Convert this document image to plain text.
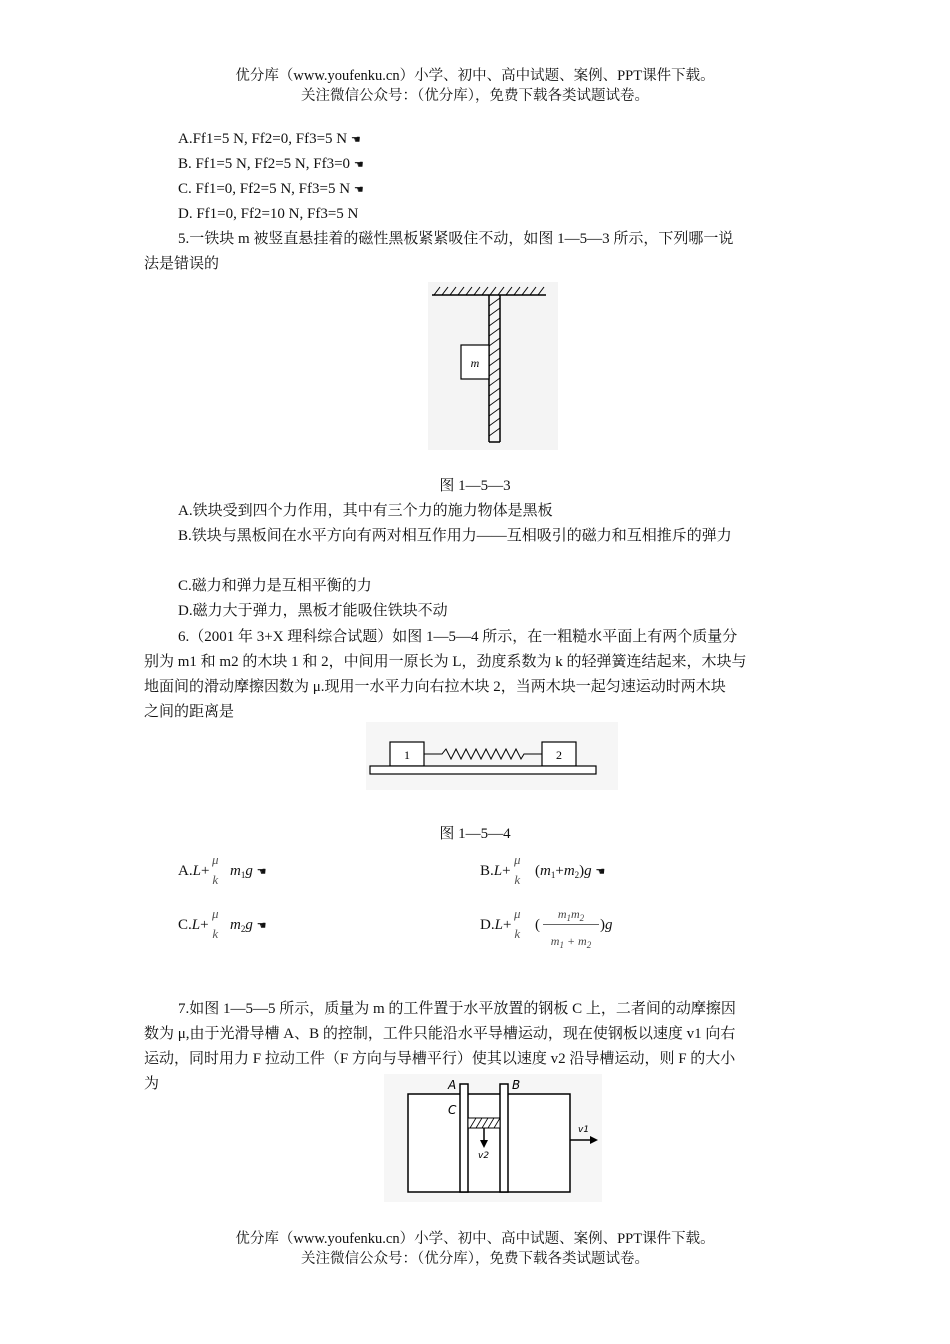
优分库（www.youfenku.cn）小学、初中、高中试题、案例、PPT课件下载。
关注微信公众号：（优分库），免费下载各类试题试卷。
A.Ff1=5 N, Ff2=0, Ff3=5 N ☚
B. Ff1=5 N, Ff2=5 N, Ff3=0 ☚
C. Ff1=0, Ff2=5 N, Ff3=5 N ☚
D. Ff1=0, Ff2=10 N, Ff3=5 N
5.一铁块 m 被竖直悬挂着的磁性黑板紧紧吸住不动，如图 1—5—3 所示，下列哪一说
法是错误的
m
图 1—5—3
A.铁块受到四个力作用，其中有三个力的施力物体是黑板
B.铁块与黑板间在水平方向有两对相互作用力——互相吸引的磁力和互相推斥的弹力
C.磁力和弹力是互相平衡的力
D.磁力大于弹力，黑板才能吸住铁块不动
6.（2001 年 3+X 理科综合试题）如图 1—5—4 所示，在一粗糙水平面上有两个质量分
别为 m1 和 m2 的木块 1 和 2，中间用一原长为 L，劲度系数为 k 的轻弹簧连结起来，木块与
地面间的滑动摩擦因数为 μ.现用一水平力向右拉木块 2，当两木块一起匀速运动时两木块
之间的距离是
1	2
图 1—5—4
A.L+
μ
k
$m_1g$ ☚	B.L+
μ
k
$(m_1+m_2)g$ ☚
C.L+
μ
k
$m_2g$ ☚	D.L+
μ
k
( $\frac{m_1m_2}{m_1 + m_2} )g$
7.如图 1—5—5 所示，质量为 m 的工件置于水平放置的钢板 C 上，二者间的动摩擦因
数为 μ,由于光滑导槽 A、B 的控制，工件只能沿水平导槽运动，现在使钢板以速度 v1 向右
运动，同时用力 F 拉动工件（F 方向与导槽平行）使其以速度 v2 沿导槽运动，则 F 的大小
为	A	B
C
v1
v2
优分库（www.youfenku.cn）小学、初中、高中试题、案例、PPT课件下载。
关注微信公众号：（优分库），免费下载各类试题试卷。
